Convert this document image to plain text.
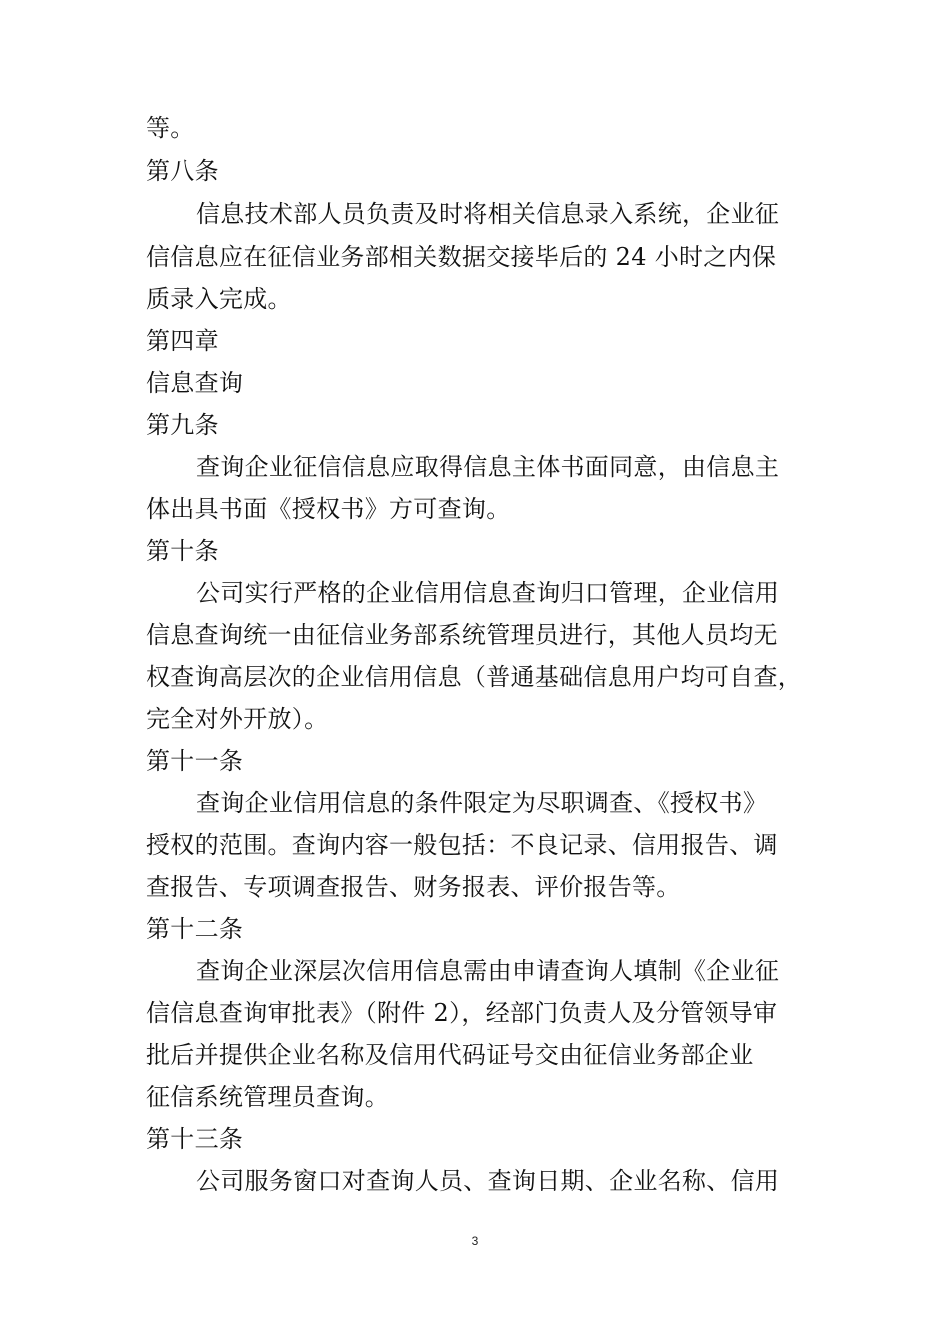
等。
第八条
信息技术部人员负责及时将相关信息录入系统，企业征
信信息应在征信业务部相关数据交接毕后的 24 小时之内保
质录入完成。
第四章
信息查询
第九条
查询企业征信信息应取得信息主体书面同意，由信息主
体出具书面《授权书》方可查询。
第十条
公司实行严格的企业信用信息查询归口管理，企业信用
信息查询统一由征信业务部系统管理员进行，其他人员均无
权查询高层次的企业信用信息（普通基础信息用户均可自查，
完全对外开放）。
第十一条
查询企业信用信息的条件限定为尽职调查、《授权书》
授权的范围。查询内容一般包括：不良记录、信用报告、调
查报告、专项调查报告、财务报表、评价报告等。
第十二条
查询企业深层次信用信息需由申请查询人填制《企业征
信信息查询审批表》（附件 2），经部门负责人及分管领导审
批后并提供企业名称及信用代码证号交由征信业务部企业
征信系统管理员查询。
第十三条
公司服务窗口对查询人员、查询日期、企业名称、信用
3
